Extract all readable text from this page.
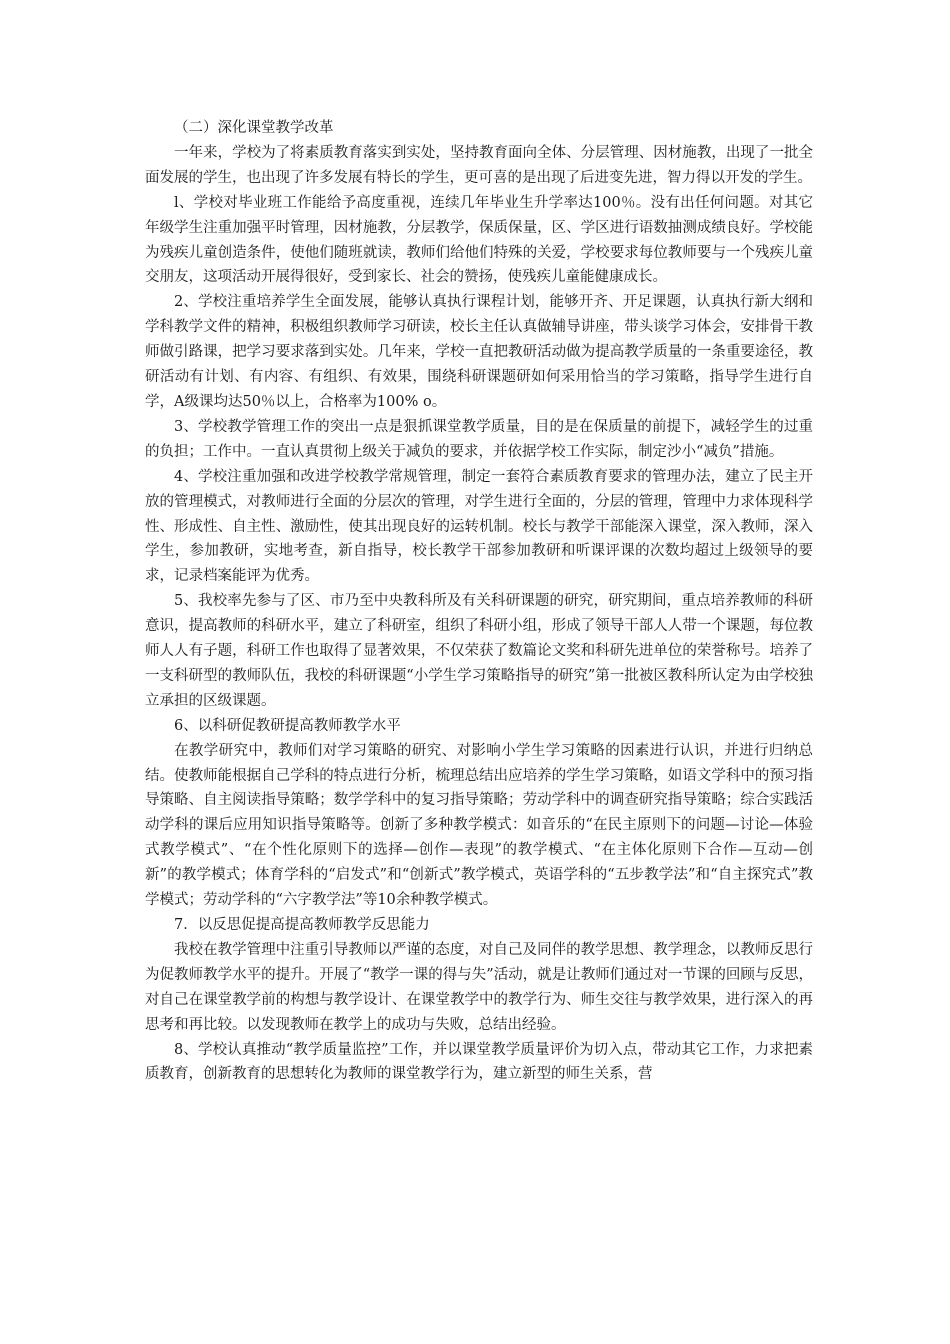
（二）深化课堂教学改革

一年来，学校为了将素质教育落实到实处，坚持教育面向全体、分层管理、因材施教，出现了一批全面发展的学生，也出现了许多发展有特长的学生，更可喜的是出现了后进变先进，智力得以开发的学生。

l、学校对毕业班工作能给予高度重视，连续几年毕业生升学率达100％。没有出任何问题。对其它年级学生注重加强平时管理，因材施教，分层教学，保质保量，区、学区进行语数抽测成绩良好。学校能为残疾儿童创造条件，使他们随班就读，教师们给他们特殊的关爱，学校要求每位教师要与一个残疾儿童交朋友，这项活动开展得很好，受到家长、社会的赞扬，使残疾儿童能健康成长。

2、学校注重培养学生全面发展，能够认真执行课程计划，能够开齐、开足课题，认真执行新大纲和学科教学文件的精神，积极组织教师学习研读，校长主任认真做辅导讲座，带头谈学习体会，安排骨干教师做引路课，把学习要求落到实处。几年来，学校一直把教研活动做为提高教学质量的一条重要途径，教研活动有计划、有内容、有组织、有效果，围绕科研课题研如何采用恰当的学习策略，指导学生进行自学，A级课均达50％以上，合格率为100% o。

3、学校教学管理工作的突出一点是狠抓课堂教学质量，目的是在保质量的前提下，减轻学生的过重的负担；工作中。一直认真贯彻上级关于减负的要求，并依据学校工作实际，制定沙小“减负”措施。

4、学校注重加强和改进学校教学常规管理，制定一套符合素质教育要求的管理办法，建立了民主开放的管理模式，对教师进行全面的分层次的管理，对学生进行全面的，分层的管理，管理中力求体现科学性、形成性、自主性、激励性，使其出现良好的运转机制。校长与教学干部能深入课堂，深入教师，深入学生，参加教研，实地考查，新自指导，校长教学干部参加教研和听课评课的次数均超过上级领导的要求，记录档案能评为优秀。

5、我校率先参与了区、市乃至中央教科所及有关科研课题的研究，研究期间，重点培养教师的科研意识，提高教师的科研水平，建立了科研室，组织了科研小组，形成了领导干部人人带一个课题，每位教师人人有子题，科研工作也取得了显著效果，不仅荣获了数篇论文奖和科研先进单位的荣誉称号。培养了一支科研型的教师队伍，我校的科研课题“小学生学习策略指导的研究”第一批被区教科所认定为由学校独立承担的区级课题。

6、以科研促教研提高教师教学水平

在教学研究中，教师们对学习策略的研究、对影响小学生学习策略的因素进行认识，并进行归纳总结。使教师能根据自己学科的特点进行分析，梳理总结出应培养的学生学习策略，如语文学科中的预习指导策略、自主阅读指导策略；数学学科中的复习指导策略；劳动学科中的调查研究指导策略；综合实践活动学科的课后应用知识指导策略等。创新了多种教学模式：如音乐的“在民主原则下的问题—讨论—体验式教学模式”、“在个性化原则下的选择—创作—表现”的教学模式、“在主体化原则下合作—互动—创新”的教学模式；体育学科的“启发式”和“创新式”教学模式，英语学科的“五步教学法”和“自主探究式”教学模式；劳动学科的“六字教学法”等10余种教学模式。

7．以反思促提高提高教师教学反思能力

我校在教学管理中注重引导教师以严谨的态度，对自己及同伴的教学思想、教学理念，以教师反思行为促教师教学水平的提升。开展了“教学一课的得与失”活动，就是让教师们通过对一节课的回顾与反思，对自己在课堂教学前的构想与教学设计、在课堂教学中的教学行为、师生交往与教学效果，进行深入的再思考和再比较。以发现教师在教学上的成功与失败，总结出经验。

8、学校认真推动“教学质量监控”工作，并以课堂教学质量评价为切入点，带动其它工作，力求把素质教育，创新教育的思想转化为教师的课堂教学行为，建立新型的师生关系，营
